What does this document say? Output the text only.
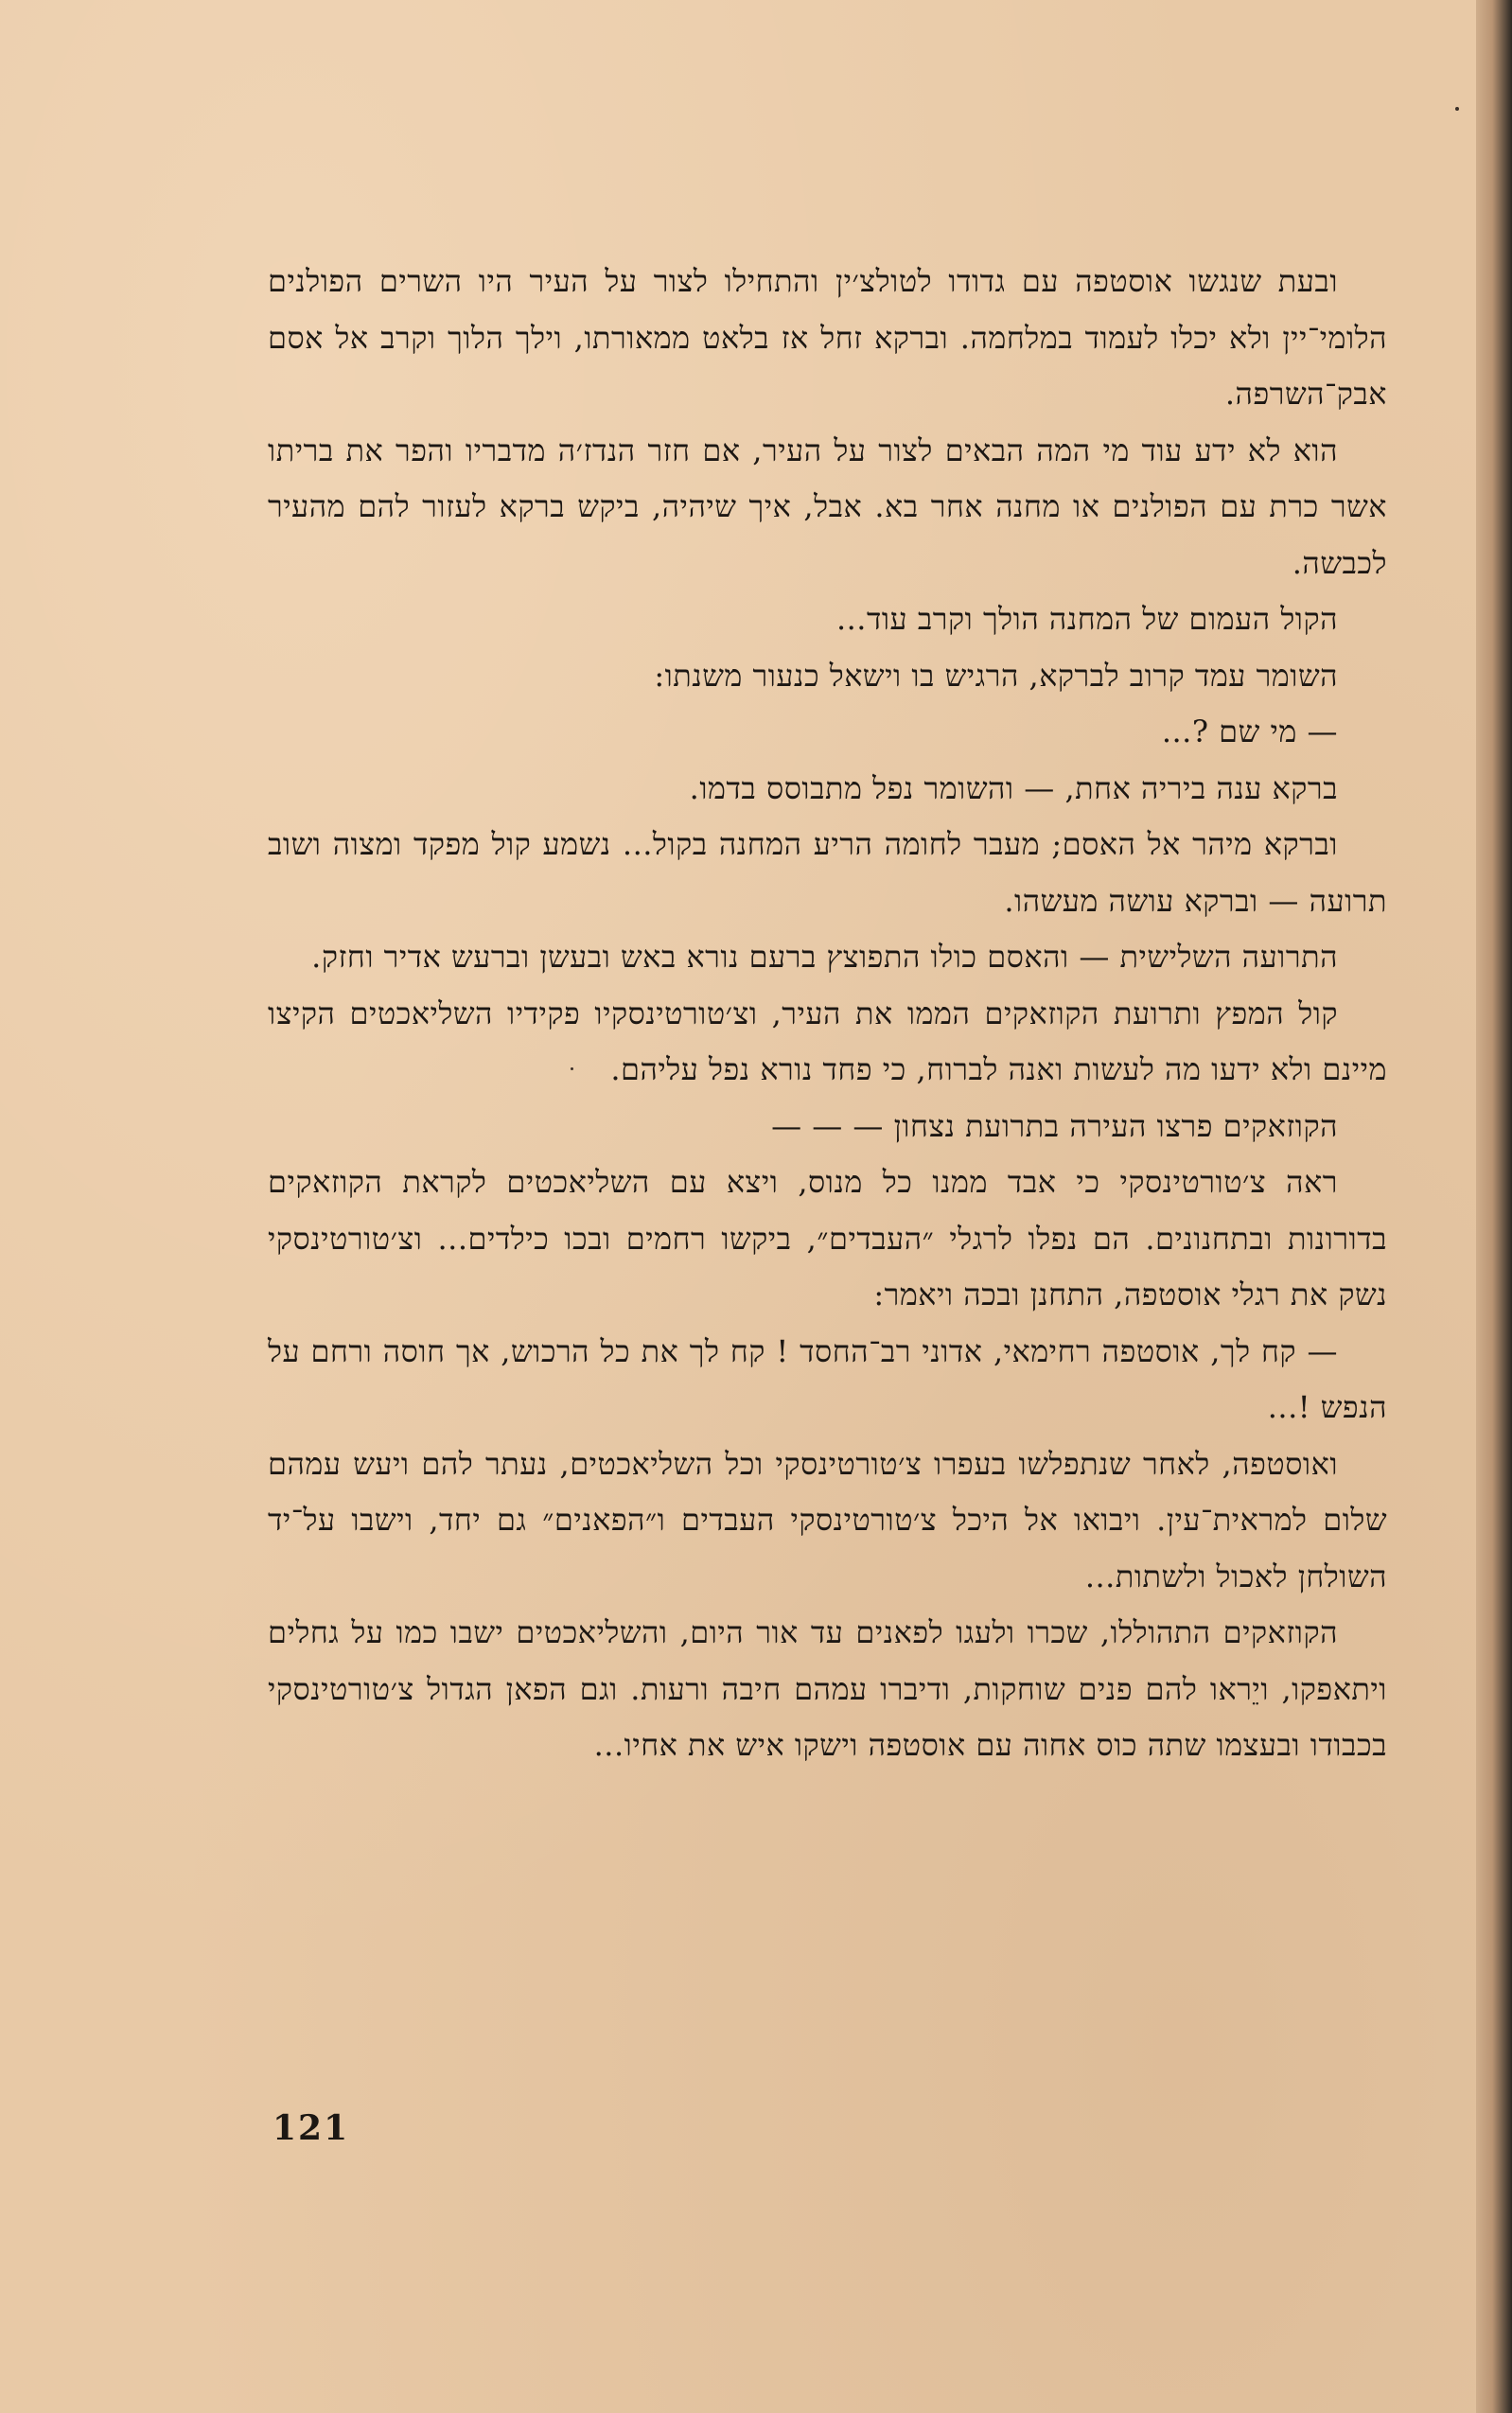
ובעת שנגשו אוסטפה עם גדודו לטולצ׳ין והתחילו לצור על העיר היו השרים הפולנים הלומי־יין ולא יכלו לעמוד במלחמה. וברקא זחל אז בלאט ממאורתו, וילך הלוך וקרב אל אסם אבק־השרפה.

הוא לא ידע עוד מי המה הבאים לצור על העיר, אם חזר הנדז׳ה מדבריו והפר את בריתו אשר כרת עם הפולנים או מחנה אחר בא. אבל, איך שיהיה, ביקש ברקא לעזור להם מהעיר לכבשה.

הקול העמום של המחנה הולך וקרב עוד...

השומר עמד קרוב לברקא, הרגיש בו וישאל כנעור משנתו:

— מי שם ?...

ברקא ענה ביריה אחת, — והשומר נפל מתבוסס בדמו.

וברקא מיהר אל האסם; מעבר לחומה הריע המחנה בקול... נשמע קול מפקד ומצוה ושוב תרועה — וברקא עושה מעשהו.

התרועה השלישית — והאסם כולו התפוצץ ברעם נורא באש ובעשן וברעש אדיר וחזק.

קול המפץ ותרועת הקוזאקים הממו את העיר, וצ׳טורטינסקיו פקידיו השליאכטים הקיצו מיינם ולא ידעו מה לעשות ואנה לברוח, כי פחד נורא נפל עליהם.

הקוזאקים פרצו העירה בתרועת נצחון — — —

ראה צ׳טורטינסקי כי אבד ממנו כל מנוס, ויצא עם השליאכטים לקראת הקוזאקים בדורונות ובתחנונים. הם נפלו לרגלי ״העבדים״, ביקשו רחמים ובכו כילדים... וצ׳טורטינסקי נשק את רגלי אוסטפה, התחנן ובכה ויאמר:

— קח לך, אוסטפה רחימאי, אדוני רב־החסד ! קח לך את כל הרכוש, אך חוסה ורחם על הנפש !...

ואוסטפה, לאחר שנתפלשו בעפרו צ׳טורטינסקי וכל השליאכטים, נעתר להם ויעש עמהם שלום למראית־עין. ויבואו אל היכל צ׳טורטינסקי העבדים ו״הפאנים״ גם יחד, וישבו על־יד השולחן לאכול ולשתות...

הקוזאקים התהוללו, שכרו ולעגו לפאנים עד אור היום, והשליאכטים ישבו כמו על גחלים ויתאפקו, ויֵראו להם פנים שוחקות, ודיברו עמהם חיבה ורעות. וגם הפאן הגדול צ׳טורטינסקי בכבודו ובעצמו שתה כוס אחוה עם אוסטפה וישקו איש את אחיו...

121
